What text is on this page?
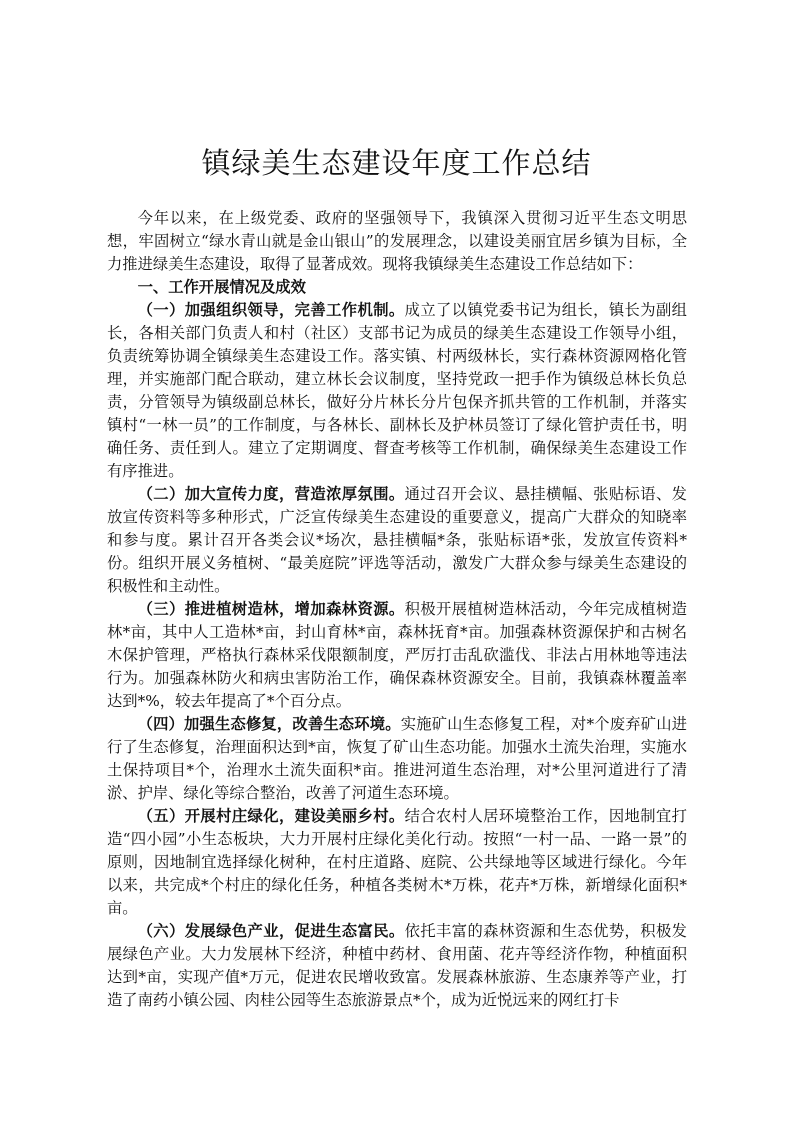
镇绿美生态建设年度工作总结

今年以来，在上级党委、政府的坚强领导下，我镇深入贯彻习近平生态文明思想，牢固树立“绿水青山就是金山银山”的发展理念，以建设美丽宜居乡镇为目标，全力推进绿美生态建设，取得了显著成效。现将我镇绿美生态建设工作总结如下：

一、工作开展情况及成效

（一）加强组织领导，完善工作机制。成立了以镇党委书记为组长，镇长为副组长，各相关部门负责人和村（社区）支部书记为成员的绿美生态建设工作领导小组，负责统筹协调全镇绿美生态建设工作。落实镇、村两级林长，实行森林资源网格化管理，并实施部门配合联动，建立林长会议制度，坚持党政一把手作为镇级总林长负总责，分管领导为镇级副总林长，做好分片林长分片包保齐抓共管的工作机制，并落实镇村“一林一员”的工作制度，与各林长、副林长及护林员签订了绿化管护责任书，明确任务、责任到人。建立了定期调度、督查考核等工作机制，确保绿美生态建设工作有序推进。

（二）加大宣传力度，营造浓厚氛围。通过召开会议、悬挂横幅、张贴标语、发放宣传资料等多种形式，广泛宣传绿美生态建设的重要意义，提高广大群众的知晓率和参与度。累计召开各类会议*场次，悬挂横幅*条，张贴标语*张，发放宣传资料*份。组织开展义务植树、“最美庭院”评选等活动，激发广大群众参与绿美生态建设的积极性和主动性。

（三）推进植树造林，增加森林资源。积极开展植树造林活动，今年完成植树造林*亩，其中人工造林*亩，封山育林*亩，森林抚育*亩。加强森林资源保护和古树名木保护管理，严格执行森林采伐限额制度，严厉打击乱砍滥伐、非法占用林地等违法行为。加强森林防火和病虫害防治工作，确保森林资源安全。目前，我镇森林覆盖率达到*%，较去年提高了*个百分点。

（四）加强生态修复，改善生态环境。实施矿山生态修复工程，对*个废弃矿山进行了生态修复，治理面积达到*亩，恢复了矿山生态功能。加强水土流失治理，实施水土保持项目*个，治理水土流失面积*亩。推进河道生态治理，对*公里河道进行了清淤、护岸、绿化等综合整治，改善了河道生态环境。

（五）开展村庄绿化，建设美丽乡村。结合农村人居环境整治工作，因地制宜打造“四小园”小生态板块，大力开展村庄绿化美化行动。按照“一村一品、一路一景”的原则，因地制宜选择绿化树种，在村庄道路、庭院、公共绿地等区域进行绿化。今年以来，共完成*个村庄的绿化任务，种植各类树木*万株，花卉*万株，新增绿化面积*亩。

（六）发展绿色产业，促进生态富民。依托丰富的森林资源和生态优势，积极发展绿色产业。大力发展林下经济，种植中药材、食用菌、花卉等经济作物，种植面积达到*亩，实现产值*万元，促进农民增收致富。发展森林旅游、生态康养等产业，打造了南药小镇公园、肉桂公园等生态旅游景点*个，成为近悦远来的网红打卡
